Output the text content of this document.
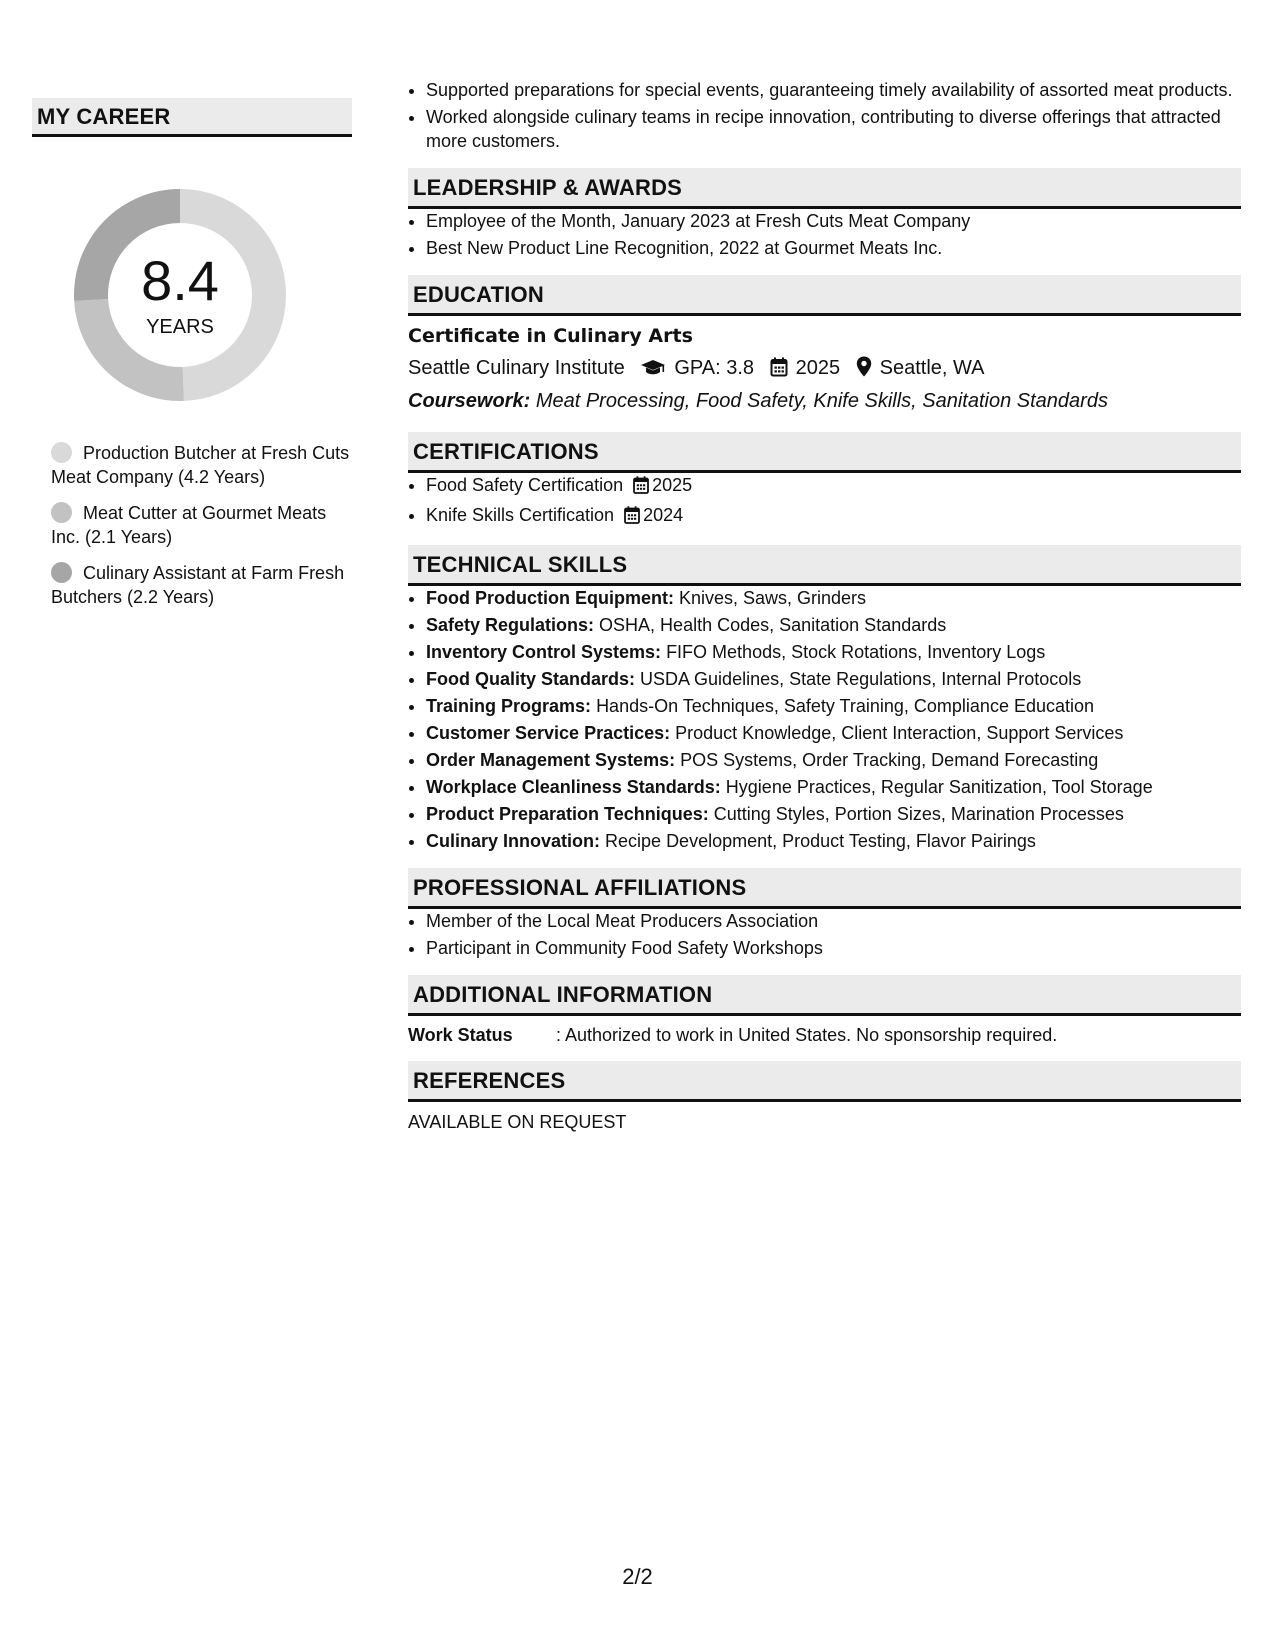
MY CAREER
8.4
YEARS
Production Butcher at Fresh Cuts Meat Company (4.2 Years)
Meat Cutter at Gourmet Meats Inc. (2.1 Years)
Culinary Assistant at Farm Fresh Butchers (2.2 Years)
• Supported preparations for special events, guaranteeing timely availability of assorted meat products.
• Worked alongside culinary teams in recipe innovation, contributing to diverse offerings that attracted more customers.
LEADERSHIP & AWARDS
• Employee of the Month, January 2023 at Fresh Cuts Meat Company
• Best New Product Line Recognition, 2022 at Gourmet Meats Inc.
EDUCATION
Certificate in Culinary Arts
Seattle Culinary Institute GPA: 3.8 2025 Seattle, WA
Coursework: Meat Processing, Food Safety, Knife Skills, Sanitation Standards
CERTIFICATIONS
• Food Safety Certification 2025
• Knife Skills Certification 2024
TECHNICAL SKILLS
• Food Production Equipment: Knives, Saws, Grinders
• Safety Regulations: OSHA, Health Codes, Sanitation Standards
• Inventory Control Systems: FIFO Methods, Stock Rotations, Inventory Logs
• Food Quality Standards: USDA Guidelines, State Regulations, Internal Protocols
• Training Programs: Hands-On Techniques, Safety Training, Compliance Education
• Customer Service Practices: Product Knowledge, Client Interaction, Support Services
• Order Management Systems: POS Systems, Order Tracking, Demand Forecasting
• Workplace Cleanliness Standards: Hygiene Practices, Regular Sanitization, Tool Storage
• Product Preparation Techniques: Cutting Styles, Portion Sizes, Marination Processes
• Culinary Innovation: Recipe Development, Product Testing, Flavor Pairings
PROFESSIONAL AFFILIATIONS
• Member of the Local Meat Producers Association
• Participant in Community Food Safety Workshops
ADDITIONAL INFORMATION
Work Status : Authorized to work in United States. No sponsorship required.
REFERENCES
AVAILABLE ON REQUEST
2/2
